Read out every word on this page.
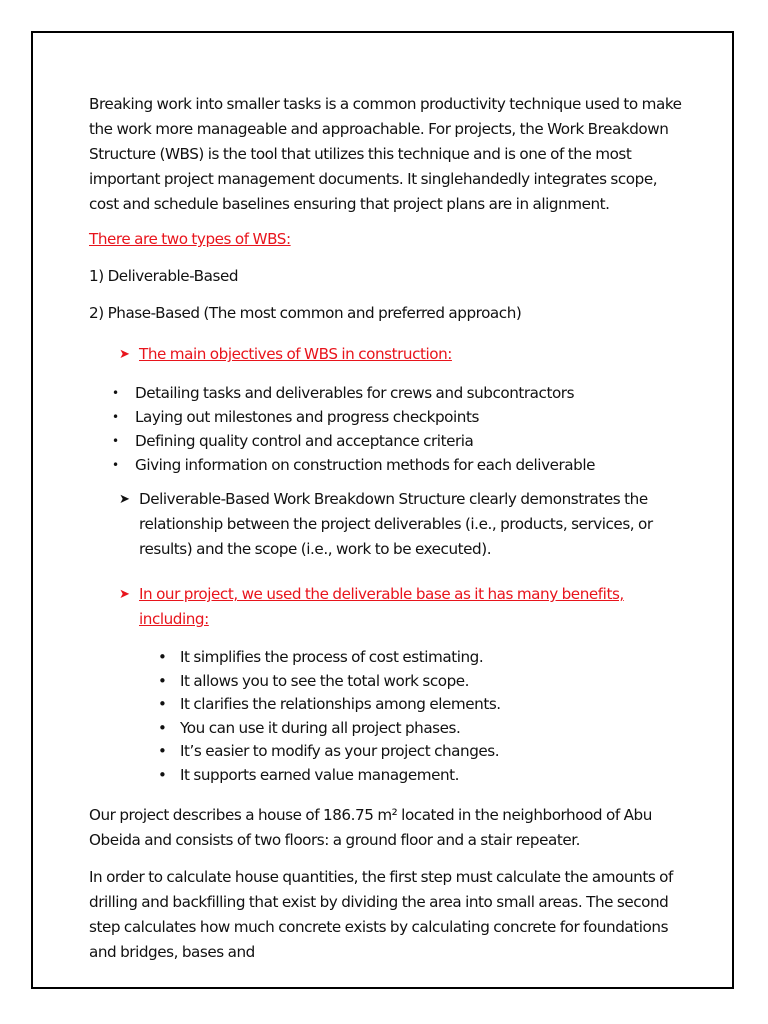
Breaking work into smaller tasks is a common productivity technique used to make the work more manageable and approachable. For projects, the Work Breakdown Structure (WBS) is the tool that utilizes this technique and is one of the most important project management documents. It singlehandedly integrates scope, cost and schedule baselines ensuring that project plans are in alignment.

There are two types of WBS:

1) Deliverable-Based

2) Phase-Based (The most common and preferred approach)

➤ The main objectives of WBS in construction:
• Detailing tasks and deliverables for crews and subcontractors
• Laying out milestones and progress checkpoints
• Defining quality control and acceptance criteria
• Giving information on construction methods for each deliverable
➤ Deliverable-Based Work Breakdown Structure clearly demonstrates the relationship between the project deliverables (i.e., products, services, or results) and the scope (i.e., work to be executed).
➤ In our project, we used the deliverable base as it has many benefits, including:
• It simplifies the process of cost estimating.
• It allows you to see the total work scope.
• It clarifies the relationships among elements.
• You can use it during all project phases.
• It’s easier to modify as your project changes.
• It supports earned value management.

Our project describes a house of 186.75 m² located in the neighborhood of Abu Obeida and consists of two floors: a ground floor and a stair repeater.

In order to calculate house quantities, the first step must calculate the amounts of drilling and backfilling that exist by dividing the area into small areas. The second step calculates how much concrete exists by calculating concrete for foundations and bridges, bases and
